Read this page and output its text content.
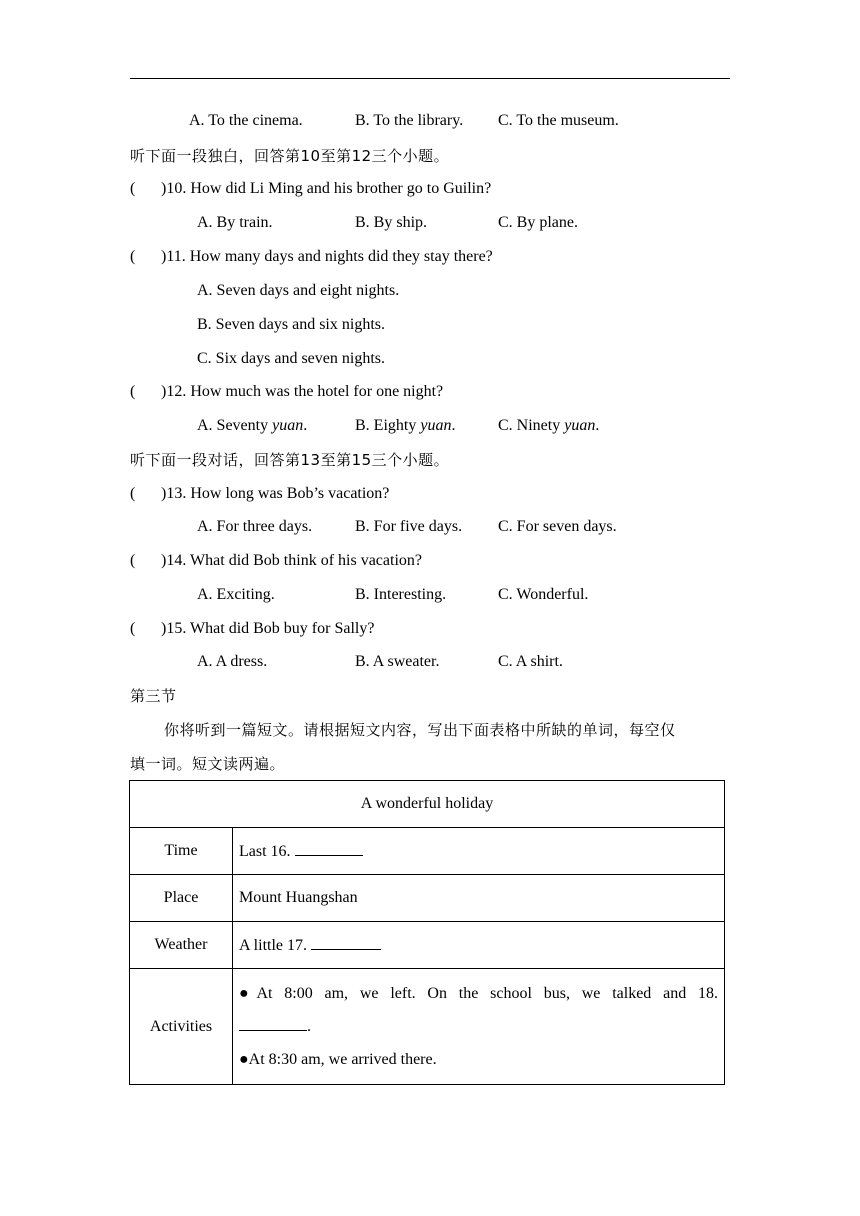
A. To the cinema.	B. To the library. C. To the museum.
听下面一段独白，回答第10至第12三个小题。
( )10. How did Li Ming and his brother go to Guilin?
A. By train.	B. By ship.	C. By plane.
( )11. How many days and nights did they stay there?
A. Seven days and eight nights.
B. Seven days and six nights.
C. Six days and seven nights.
( )12. How much was the hotel for one night?
A. Seventy yuan.	B. Eighty yuan.	C. Ninety yuan.
听下面一段对话，回答第13至第15三个小题。
( )13. How long was Bob’s vacation?
A. For three days.	B. For five days. C. For seven days.
( )14. What did Bob think of his vacation?
A. Exciting.	B. Interesting.	C. Wonderful.
( )15. What did Bob buy for Sally?
A. A dress.	B. A sweater.	C. A shirt.
第三节
你将听到一篇短文。请根据短文内容，写出下面表格中所缺的单词，每空仅
填一词。短文读两遍。
A wonderful holiday	
Time	Last 16.
Place	Mount Huangshan
Weather	A little 17.
Activities	●At 8:00 am, we left. On the school bus, we talked and 18.
.
●At 8:30 am, we arrived there.
